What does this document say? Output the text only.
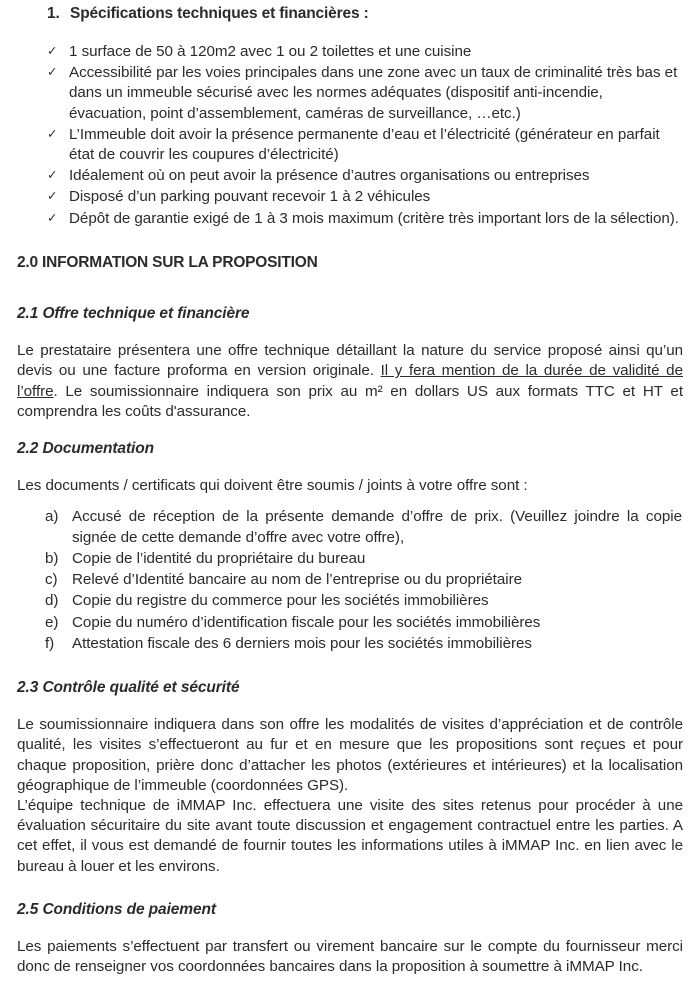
1. Spécifications techniques et financières :
✓ 1 surface de 50 à 120m2 avec 1 ou 2 toilettes et une cuisine
✓ Accessibilité par les voies principales dans une zone avec un taux de criminalité très bas et dans un immeuble sécurisé avec les normes adéquates (dispositif anti-incendie, évacuation, point d’assemblement, caméras de surveillance, …etc.)
✓ L’Immeuble doit avoir la présence permanente d’eau et l’électricité (générateur en parfait état de couvrir les coupures d’électricité)
✓ Idéalement où on peut avoir la présence d’autres organisations ou entreprises
✓ Disposé d’un parking pouvant recevoir 1 à 2 véhicules
✓ Dépôt de garantie exigé de 1 à 3 mois maximum (critère très important lors de la sélection).
2.0 INFORMATION SUR LA PROPOSITION
2.1 Offre technique et financière

Le prestataire présentera une offre technique détaillant la nature du service proposé ainsi qu’un devis ou une facture proforma en version originale. Il y fera mention de la durée de validité de l’offre. Le soumissionnaire indiquera son prix au m² en dollars US aux formats TTC et HT et comprendra les coûts d'assurance.

2.2 Documentation

Les documents / certificats qui doivent être soumis / joints à votre offre sont :

a) Accusé de réception de la présente demande d’offre de prix. (Veuillez joindre la copie signée de cette demande d’offre avec votre offre),
b) Copie de l’identité du propriétaire du bureau
c) Relevé d’Identité bancaire au nom de l’entreprise ou du propriétaire
d) Copie du registre du commerce pour les sociétés immobilières
e) Copie du numéro d’identification fiscale pour les sociétés immobilières
f)	Attestation fiscale des 6 derniers mois pour les sociétés immobilières
2.3 Contrôle qualité et sécurité

Le soumissionnaire indiquera dans son offre les modalités de visites d’appréciation et de contrôle qualité, les visites s’effectueront au fur et en mesure que les propositions sont reçues et pour chaque proposition, prière donc d’attacher les photos (extérieures et intérieures) et la localisation géographique de l’immeuble (coordonnées GPS).

L’équipe technique de iMMAP Inc. effectuera une visite des sites retenus pour procéder à une évaluation sécuritaire du site avant toute discussion et engagement contractuel entre les parties. A cet effet, il vous est demandé de fournir toutes les informations utiles à iMMAP Inc. en lien avec le bureau à louer et les environs.

2.5 Conditions de paiement

Les paiements s’effectuent par transfert ou virement bancaire sur le compte du fournisseur merci donc de renseigner vos coordonnées bancaires dans la proposition à soumettre à iMMAP Inc.
